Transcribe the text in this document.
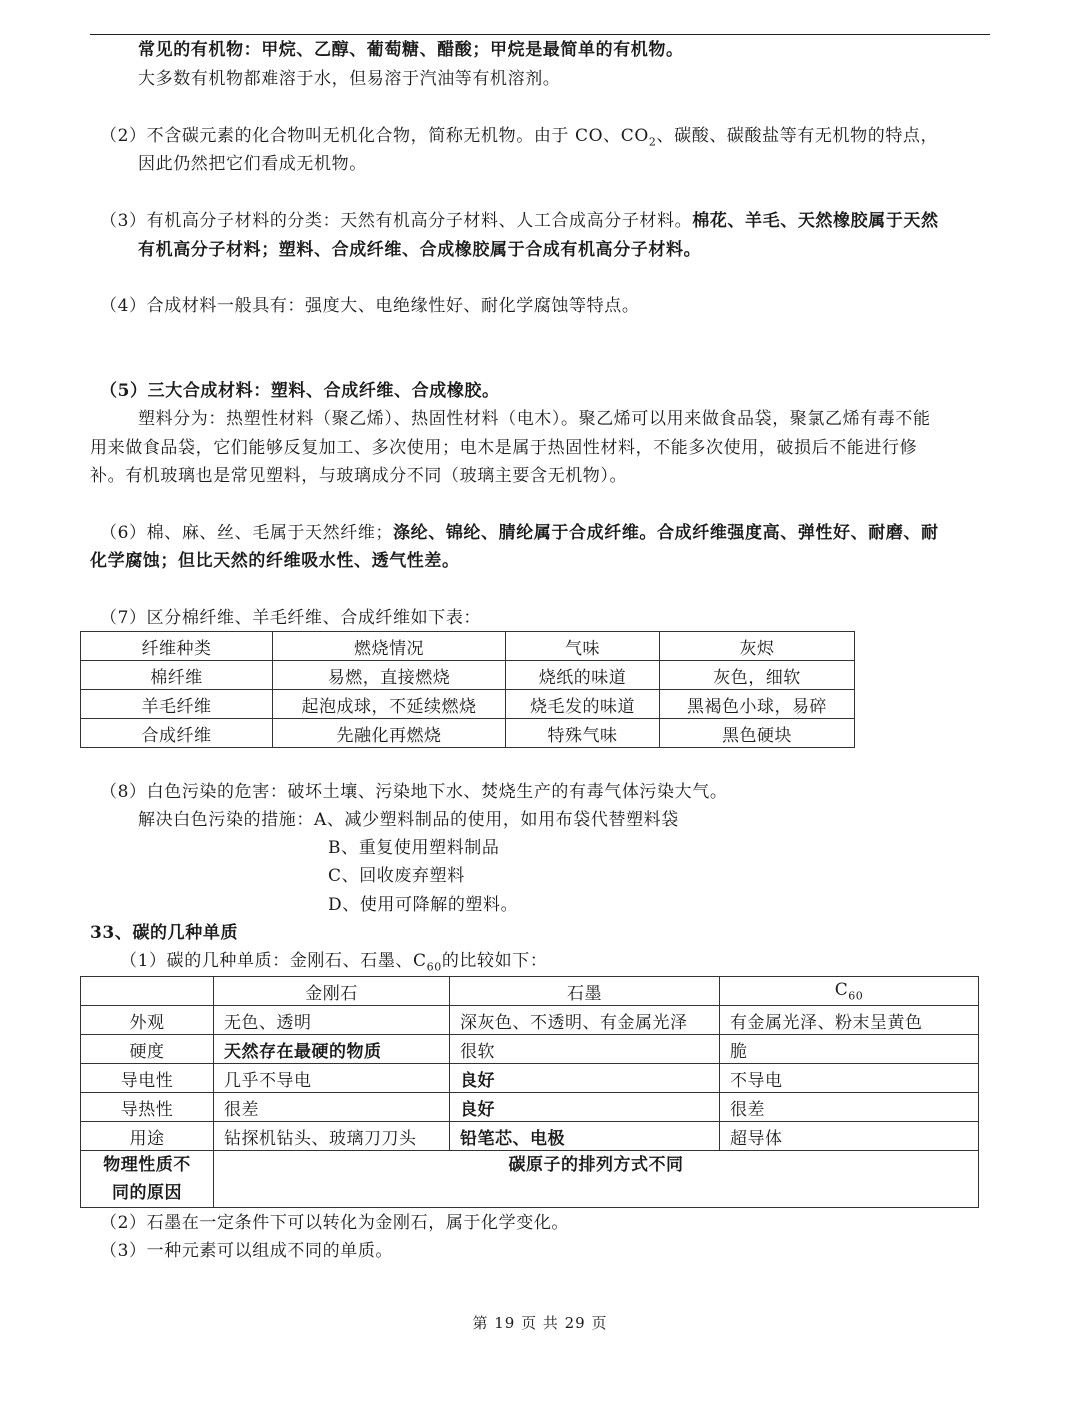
常见的有机物：甲烷、乙醇、葡萄糖、醋酸；甲烷是最简单的有机物。
大多数有机物都难溶于水，但易溶于汽油等有机溶剂。
（2）不含碳元素的化合物叫无机化合物，简称无机物。由于 CO、$CO_2$、碳酸、碳酸盐等有无机物的特点，
因此仍然把它们看成无机物。
（3）有机高分子材料的分类：天然有机高分子材料、人工合成高分子材料。棉花、羊毛、天然橡胶属于天然
有机高分子材料；塑料、合成纤维、合成橡胶属于合成有机高分子材料。
（4）合成材料一般具有：强度大、电绝缘性好、耐化学腐蚀等特点。
（5）三大合成材料：塑料、合成纤维、合成橡胶。
塑料分为：热塑性材料（聚乙烯）、热固性材料（电木）。聚乙烯可以用来做食品袋，聚氯乙烯有毒不能
用来做食品袋，它们能够反复加工、多次使用；电木是属于热固性材料，不能多次使用，破损后不能进行修
补。有机玻璃也是常见塑料，与玻璃成分不同（玻璃主要含无机物）。
（6）棉、麻、丝、毛属于天然纤维；涤纶、锦纶、腈纶属于合成纤维。合成纤维强度高、弹性好、耐磨、耐
化学腐蚀；但比天然的纤维吸水性、透气性差。
（7）区分棉纤维、羊毛纤维、合成纤维如下表：
纤维种类	燃烧情况	气味	灰烬
棉纤维	易燃，直接燃烧	烧纸的味道	灰色，细软
羊毛纤维	起泡成球，不延续燃烧	烧毛发的味道	黑褐色小球，易碎
合成纤维	先融化再燃烧	特殊气味	黑色硬块
（8）白色污染的危害：破坏土壤、污染地下水、焚烧生产的有毒气体污染大气。
解决白色污染的措施：A、减少塑料制品的使用，如用布袋代替塑料袋
B、重复使用塑料制品
C、回收废弃塑料
D、使用可降解的塑料。
33、碳的几种单质
（1）碳的几种单质：金刚石、石墨、$C_{60}$的比较如下：
	金刚石	石墨	$C_{60}$
外观	无色、透明	深灰色、不透明、有金属光泽	有金属光泽、粉末呈黄色
硬度	天然存在最硬的物质	很软	脆
导电性	几乎不导电	良好	不导电
导热性	很差	良好	很差
用途	钻探机钻头、玻璃刀刀头	铅笔芯、电极	超导体
物理性质不
同的原因	碳原子的排列方式不同		
（2）石墨在一定条件下可以转化为金刚石，属于化学变化。
（3）一种元素可以组成不同的单质。
第 19 页 共 29 页
